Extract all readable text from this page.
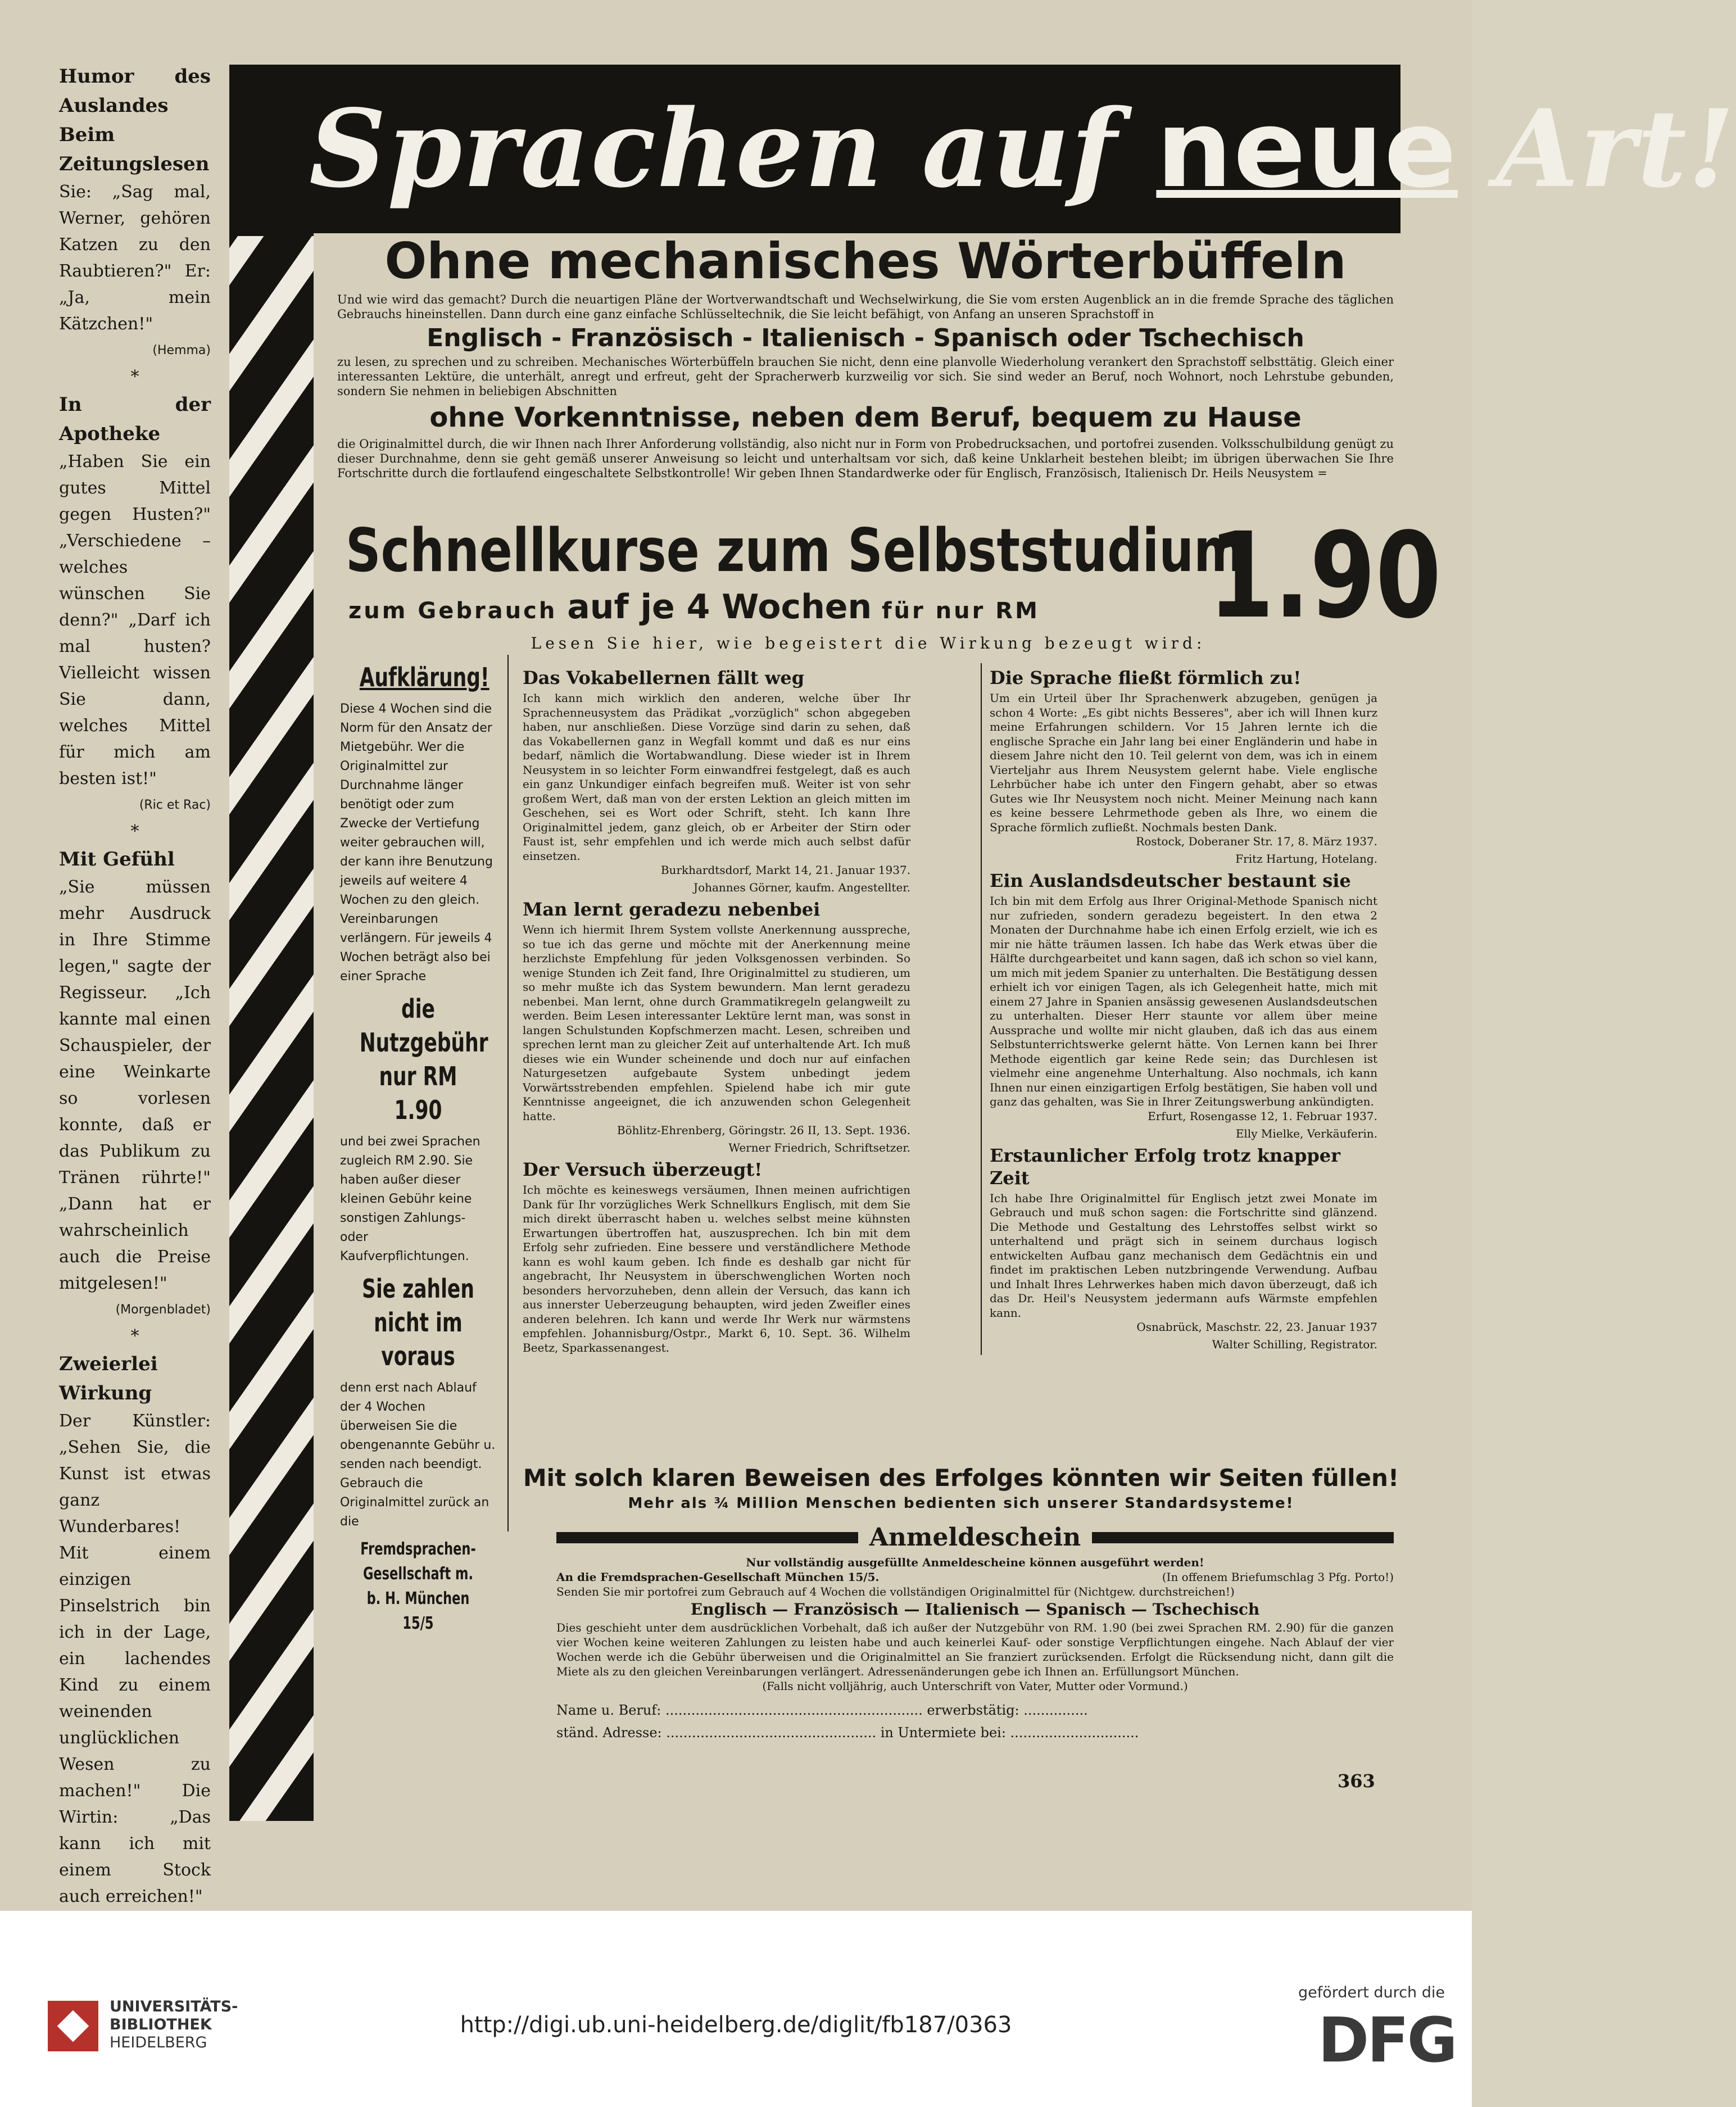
Humor des Auslandes

Beim Zeitungslesen

Sie: „Sag mal, Werner, gehören Katzen zu den Raubtieren?" Er: „Ja, mein Kätzchen!"

(Hemma)

*

In der Apotheke

„Haben Sie ein gutes Mittel gegen Husten?" „Verschiedene – welches wünschen Sie denn?" „Darf ich mal husten? Vielleicht wissen Sie dann, welches Mittel für mich am besten ist!"

(Ric et Rac)

*

Mit Gefühl

„Sie müssen mehr Ausdruck in Ihre Stimme legen," sagte der Regisseur. „Ich kannte mal einen Schauspieler, der eine Weinkarte so vorlesen konnte, daß er das Publikum zu Tränen rührte!" „Dann hat er wahrscheinlich auch die Preise mitgelesen!"

(Morgenbladet)

*

Zweierlei Wirkung

Der Künstler: „Sehen Sie, die Kunst ist etwas ganz Wunderbares! Mit einem einzigen Pinselstrich bin ich in der Lage, ein lachendes Kind zu einem weinenden unglücklichen Wesen zu machen!" Die Wirtin: „Das kann ich mit einem Stock auch erreichen!"

Sprachen auf neue Art!

Ohne mechanisches Wörterbüffeln

Und wie wird das gemacht? Durch die neuartigen Pläne der Wortverwandtschaft und Wechselwirkung, die Sie vom ersten Augenblick an in die fremde Sprache des täglichen Gebrauchs hineinstellen. Dann durch eine ganz einfache Schlüsseltechnik, die Sie leicht befähigt, von Anfang an unseren Sprachstoff in

Englisch - Französisch - Italienisch - Spanisch oder Tschechisch

zu lesen, zu sprechen und zu schreiben. Mechanisches Wörterbüffeln brauchen Sie nicht, denn eine planvolle Wiederholung verankert den Sprachstoff selbsttätig. Gleich einer interessanten Lektüre, die unterhält, anregt und erfreut, geht der Spracherwerb kurzweilig vor sich. Sie sind weder an Beruf, noch Wohnort, noch Lehrstube gebunden, sondern Sie nehmen in beliebigen Abschnitten

ohne Vorkenntnisse, neben dem Beruf, bequem zu Hause

die Originalmittel durch, die wir Ihnen nach Ihrer Anforderung vollständig, also nicht nur in Form von Probedrucksachen, und portofrei zusenden. Volksschulbildung genügt zu dieser Durchnahme, denn sie geht gemäß unserer Anweisung so leicht und unterhaltsam vor sich, daß keine Unklarheit bestehen bleibt; im übrigen überwachen Sie Ihre Fortschritte durch die fortlaufend eingeschaltete Selbstkontrolle! Wir geben Ihnen Standardwerke oder für Englisch, Französisch, Italienisch Dr. Heils Neusystem =

Schnellkurse zum Selbststudium
zum Gebrauch auf je 4 Wochen für nur RM 1.90
Lesen Sie hier, wie begeistert die Wirkung bezeugt wird:
Aufklärung!

Diese 4 Wochen sind die Norm für den Ansatz der Mietgebühr. Wer die Originalmittel zur Durchnahme länger benötigt oder zum Zwecke der Vertiefung weiter gebrauchen will, der kann ihre Benutzung jeweils auf weitere 4 Wochen zu den gleich. Vereinbarungen verlängern. Für jeweils 4 Wochen beträgt also bei einer Sprache

die Nutzgebühr nur RM 1.90

und bei zwei Sprachen zugleich RM 2.90. Sie haben außer dieser kleinen Gebühr keine sonstigen Zahlungs- oder Kaufverpflichtungen.

Sie zahlen nicht im voraus

denn erst nach Ablauf der 4 Wochen überweisen Sie die obengenannte Gebühr u. senden nach beendigt. Gebrauch die Originalmittel zurück an die

Fremdsprachen-Gesellschaft m. b. H. München 15/5
Das Vokabellernen fällt weg

Ich kann mich wirklich den anderen, welche über Ihr Sprachenneusystem das Prädikat „vorzüglich" schon abgegeben haben, nur anschließen. Diese Vorzüge sind darin zu sehen, daß das Vokabellernen ganz in Wegfall kommt und daß es nur eins bedarf, nämlich die Wortabwandlung. Diese wieder ist in Ihrem Neusystem in so leichter Form einwandfrei festgelegt, daß es auch ein ganz Unkundiger einfach begreifen muß. Weiter ist von sehr großem Wert, daß man von der ersten Lektion an gleich mitten im Geschehen, sei es Wort oder Schrift, steht. Ich kann Ihre Originalmittel jedem, ganz gleich, ob er Arbeiter der Stirn oder Faust ist, sehr empfehlen und ich werde mich auch selbst dafür einsetzen.

Burkhardtsdorf, Markt 14, 21. Januar 1937.

Johannes Görner, kaufm. Angestellter.

Man lernt geradezu nebenbei

Wenn ich hiermit Ihrem System vollste Anerkennung ausspreche, so tue ich das gerne und möchte mit der Anerkennung meine herzlichste Empfehlung für jeden Volksgenossen verbinden. So wenige Stunden ich Zeit fand, Ihre Originalmittel zu studieren, um so mehr mußte ich das System bewundern. Man lernt geradezu nebenbei. Man lernt, ohne durch Grammatikregeln gelangweilt zu werden. Beim Lesen interessanter Lektüre lernt man, was sonst in langen Schulstunden Kopfschmerzen macht. Lesen, schreiben und sprechen lernt man zu gleicher Zeit auf unterhaltende Art. Ich muß dieses wie ein Wunder scheinende und doch nur auf einfachen Naturgesetzen aufgebaute System unbedingt jedem Vorwärtsstrebenden empfehlen. Spielend habe ich mir gute Kenntnisse angeeignet, die ich anzuwenden schon Gelegenheit hatte.

Böhlitz-Ehrenberg, Göringstr. 26 II, 13. Sept. 1936.

Werner Friedrich, Schriftsetzer.

Der Versuch überzeugt!

Ich möchte es keineswegs versäumen, Ihnen meinen aufrichtigen Dank für Ihr vorzügliches Werk Schnellkurs Englisch, mit dem Sie mich direkt überrascht haben u. welches selbst meine kühnsten Erwartungen übertroffen hat, auszusprechen. Ich bin mit dem Erfolg sehr zufrieden. Eine bessere und verständlichere Methode kann es wohl kaum geben. Ich finde es deshalb gar nicht für angebracht, Ihr Neusystem in überschwenglichen Worten noch besonders hervorzuheben, denn allein der Versuch, das kann ich aus innerster Ueberzeugung behaupten, wird jeden Zweifler eines anderen belehren. Ich kann und werde Ihr Werk nur wärmstens empfehlen. Johannisburg/Ostpr., Markt 6, 10. Sept. 36. Wilhelm Beetz, Sparkassenangest.

Die Sprache fließt förmlich zu!

Um ein Urteil über Ihr Sprachenwerk abzugeben, genügen ja schon 4 Worte: „Es gibt nichts Besseres", aber ich will Ihnen kurz meine Erfahrungen schildern. Vor 15 Jahren lernte ich die englische Sprache ein Jahr lang bei einer Engländerin und habe in diesem Jahre nicht den 10. Teil gelernt von dem, was ich in einem Vierteljahr aus Ihrem Neusystem gelernt habe. Viele englische Lehrbücher habe ich unter den Fingern gehabt, aber so etwas Gutes wie Ihr Neusystem noch nicht. Meiner Meinung nach kann es keine bessere Lehrmethode geben als Ihre, wo einem die Sprache förmlich zufließt. Nochmals besten Dank.

Rostock, Doberaner Str. 17, 8. März 1937.

Fritz Hartung, Hotelang.

Ein Auslandsdeutscher bestaunt sie

Ich bin mit dem Erfolg aus Ihrer Original-Methode Spanisch nicht nur zufrieden, sondern geradezu begeistert. In den etwa 2 Monaten der Durchnahme habe ich einen Erfolg erzielt, wie ich es mir nie hätte träumen lassen. Ich habe das Werk etwas über die Hälfte durchgearbeitet und kann sagen, daß ich schon so viel kann, um mich mit jedem Spanier zu unterhalten. Die Bestätigung dessen erhielt ich vor einigen Tagen, als ich Gelegenheit hatte, mich mit einem 27 Jahre in Spanien ansässig gewesenen Auslandsdeutschen zu unterhalten. Dieser Herr staunte vor allem über meine Aussprache und wollte mir nicht glauben, daß ich das aus einem Selbstunterrichtswerke gelernt hätte. Von Lernen kann bei Ihrer Methode eigentlich gar keine Rede sein; das Durchlesen ist vielmehr eine angenehme Unterhaltung. Also nochmals, ich kann Ihnen nur einen einzigartigen Erfolg bestätigen, Sie haben voll und ganz das gehalten, was Sie in Ihrer Zeitungswerbung ankündigten.

Erfurt, Rosengasse 12, 1. Februar 1937.

Elly Mielke, Verkäuferin.

Erstaunlicher Erfolg trotz knapper Zeit

Ich habe Ihre Originalmittel für Englisch jetzt zwei Monate im Gebrauch und muß schon sagen: die Fortschritte sind glänzend. Die Methode und Gestaltung des Lehrstoffes selbst wirkt so unterhaltend und prägt sich in seinem durchaus logisch entwickelten Aufbau ganz mechanisch dem Gedächtnis ein und findet im praktischen Leben nutzbringende Verwendung. Aufbau und Inhalt Ihres Lehrwerkes haben mich davon überzeugt, daß ich das Dr. Heil's Neusystem jedermann aufs Wärmste empfehlen kann.

Osnabrück, Maschstr. 22, 23. Januar 1937

Walter Schilling, Registrator.

Mit solch klaren Beweisen des Erfolges könnten wir Seiten füllen!
Mehr als ¾ Million Menschen bedienten sich unserer Standardsysteme!
Anmeldeschein

Nur vollständig ausgefüllte Anmeldescheine können ausgeführt werden!

An die Fremdsprachen-Gesellschaft München 15/5.	(In offenem Briefumschlag 3 Pfg. Porto!)

Senden Sie mir portofrei zum Gebrauch auf 4 Wochen die vollständigen Originalmittel für (Nichtgew. durchstreichen!)

Englisch — Französisch — Italienisch — Spanisch — Tschechisch

Dies geschieht unter dem ausdrücklichen Vorbehalt, daß ich außer der Nutzgebühr von RM. 1.90 (bei zwei Sprachen RM. 2.90) für die ganzen vier Wochen keine weiteren Zahlungen zu leisten habe und auch keinerlei Kauf- oder sonstige Verpflichtungen eingehe. Nach Ablauf der vier Wochen werde ich die Gebühr überweisen und die Originalmittel an Sie franziert zurücksenden. Erfolgt die Rücksendung nicht, dann gilt die Miete als zu den gleichen Vereinbarungen verlängert. Adressenänderungen gebe ich Ihnen an. Erfüllungsort München.

(Falls nicht volljährig, auch Unterschrift von Vater, Mutter oder Vormund.)

Name u. Beruf: ............................................................ erwerbstätig: ...............
ständ. Adresse: ................................................. in Untermiete bei: ..............................
363
UNIVERSITÄTS-
BIBLIOTHEK
HEIDELBERG
http://digi.ub.uni-heidelberg.de/diglit/fb187/0363
gefördert durch die
DFG
